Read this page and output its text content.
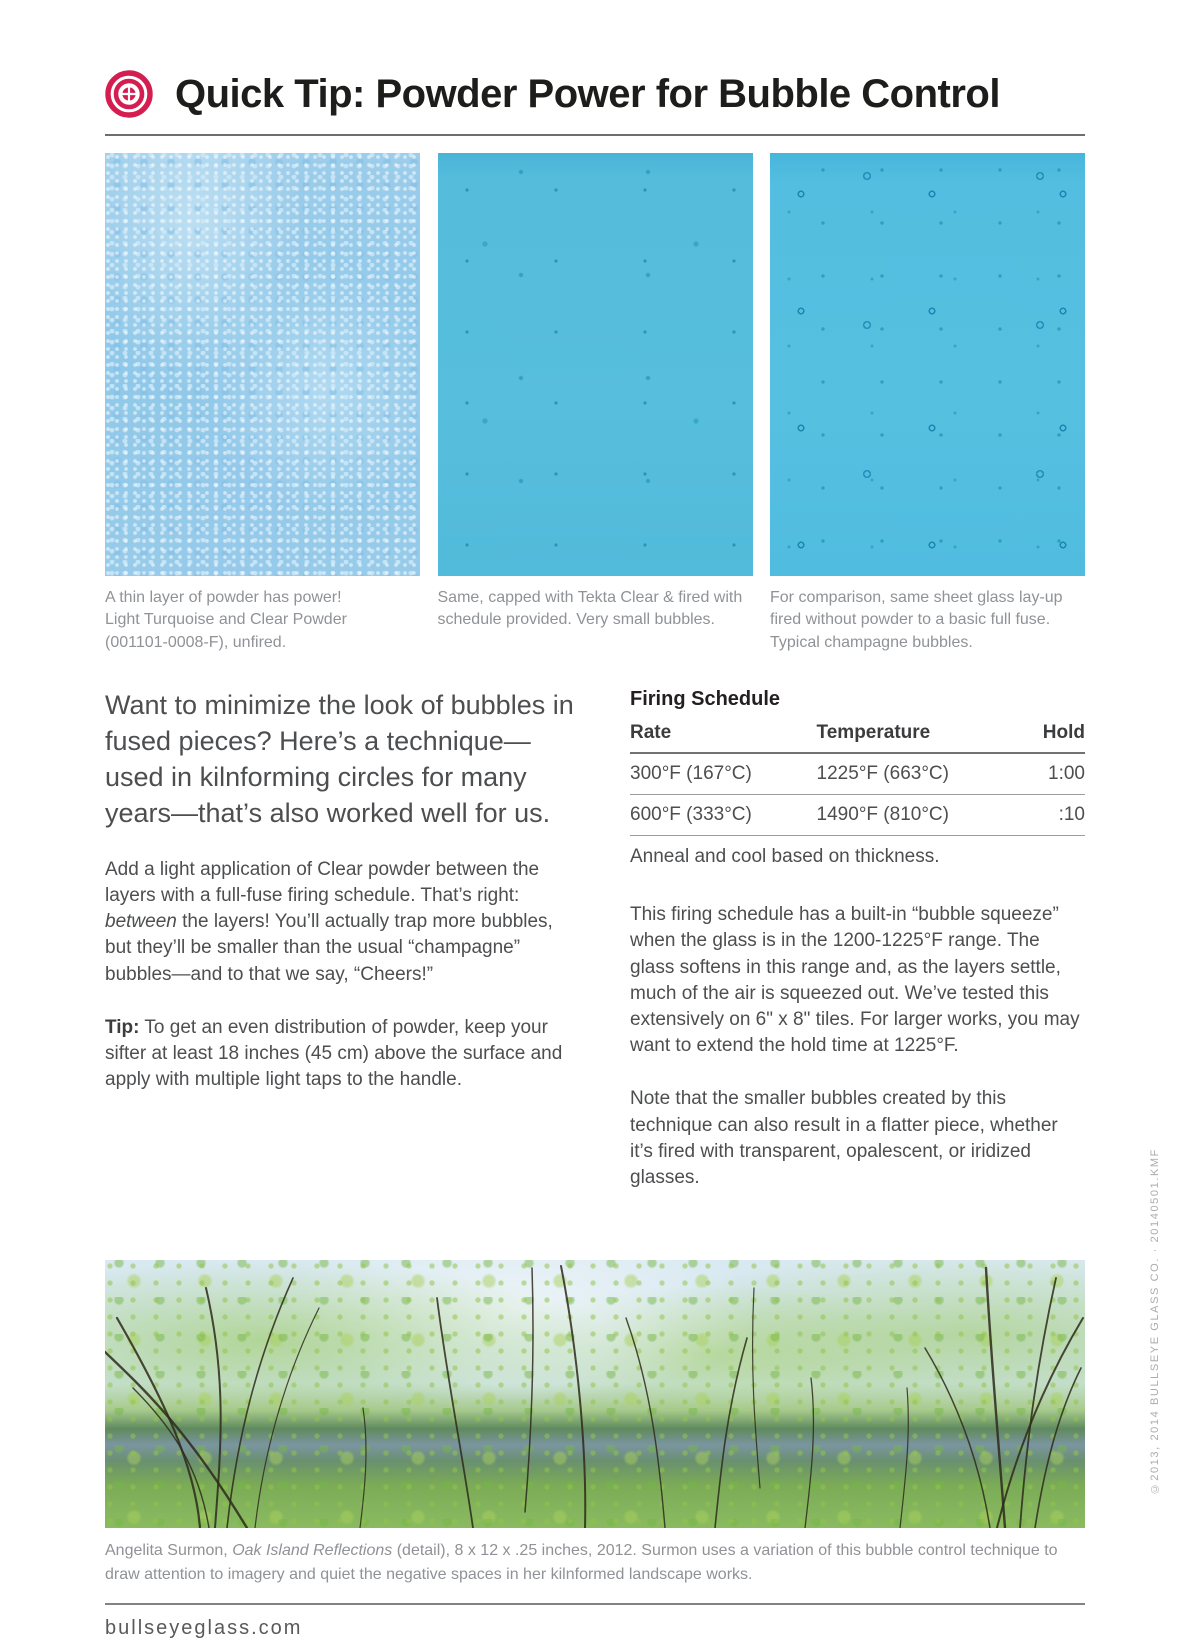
Quick Tip: Powder Power for Bubble Control
A thin layer of powder has power! Light Turquoise and Clear Powder (001101-0008-F), unfired.
Same, capped with Tekta Clear & fired with schedule provided. Very small bubbles.
For comparison, same sheet glass lay-up fired without powder to a basic full fuse. Typical champagne bubbles.

Want to minimize the look of bubbles in fused pieces? Here’s a technique—used in kilnforming circles for many years—that’s also worked well for us.

Add a light application of Clear powder between the layers with a full-fuse firing schedule. That’s right: between the layers! You’ll actually trap more bubbles, but they’ll be smaller than the usual “champagne” bubbles—and to that we say, “Cheers!”

Tip: To get an even distribution of powder, keep your sifter at least 18 inches (45 cm) above the surface and apply with multiple light taps to the handle.

Firing Schedule
Rate	Temperature	Hold
300°F (167°C)	1225°F (663°C)	1:00
600°F (333°C)	1490°F (810°C)	:10

Anneal and cool based on thickness.

This firing schedule has a built-in “bubble squeeze” when the glass is in the 1200-1225°F range. The glass softens in this range and, as the layers settle, much of the air is squeezed out. We’ve tested this extensively on 6" x 8" tiles. For larger works, you may want to extend the hold time at 1225°F.

Note that the smaller bubbles created by this technique can also result in a flatter piece, whether it’s fired with transparent, opalescent, or iridized glasses.

Angelita Surmon, Oak Island Reflections (detail), 8 x 12 x .25 inches, 2012. Surmon uses a variation of this bubble control technique to draw attention to imagery and quiet the negative spaces in her kilnformed landscape works.

bullseyeglass.com
©2013, 2014 BULLSEYE GLASS CO. · 20140501.KMF
